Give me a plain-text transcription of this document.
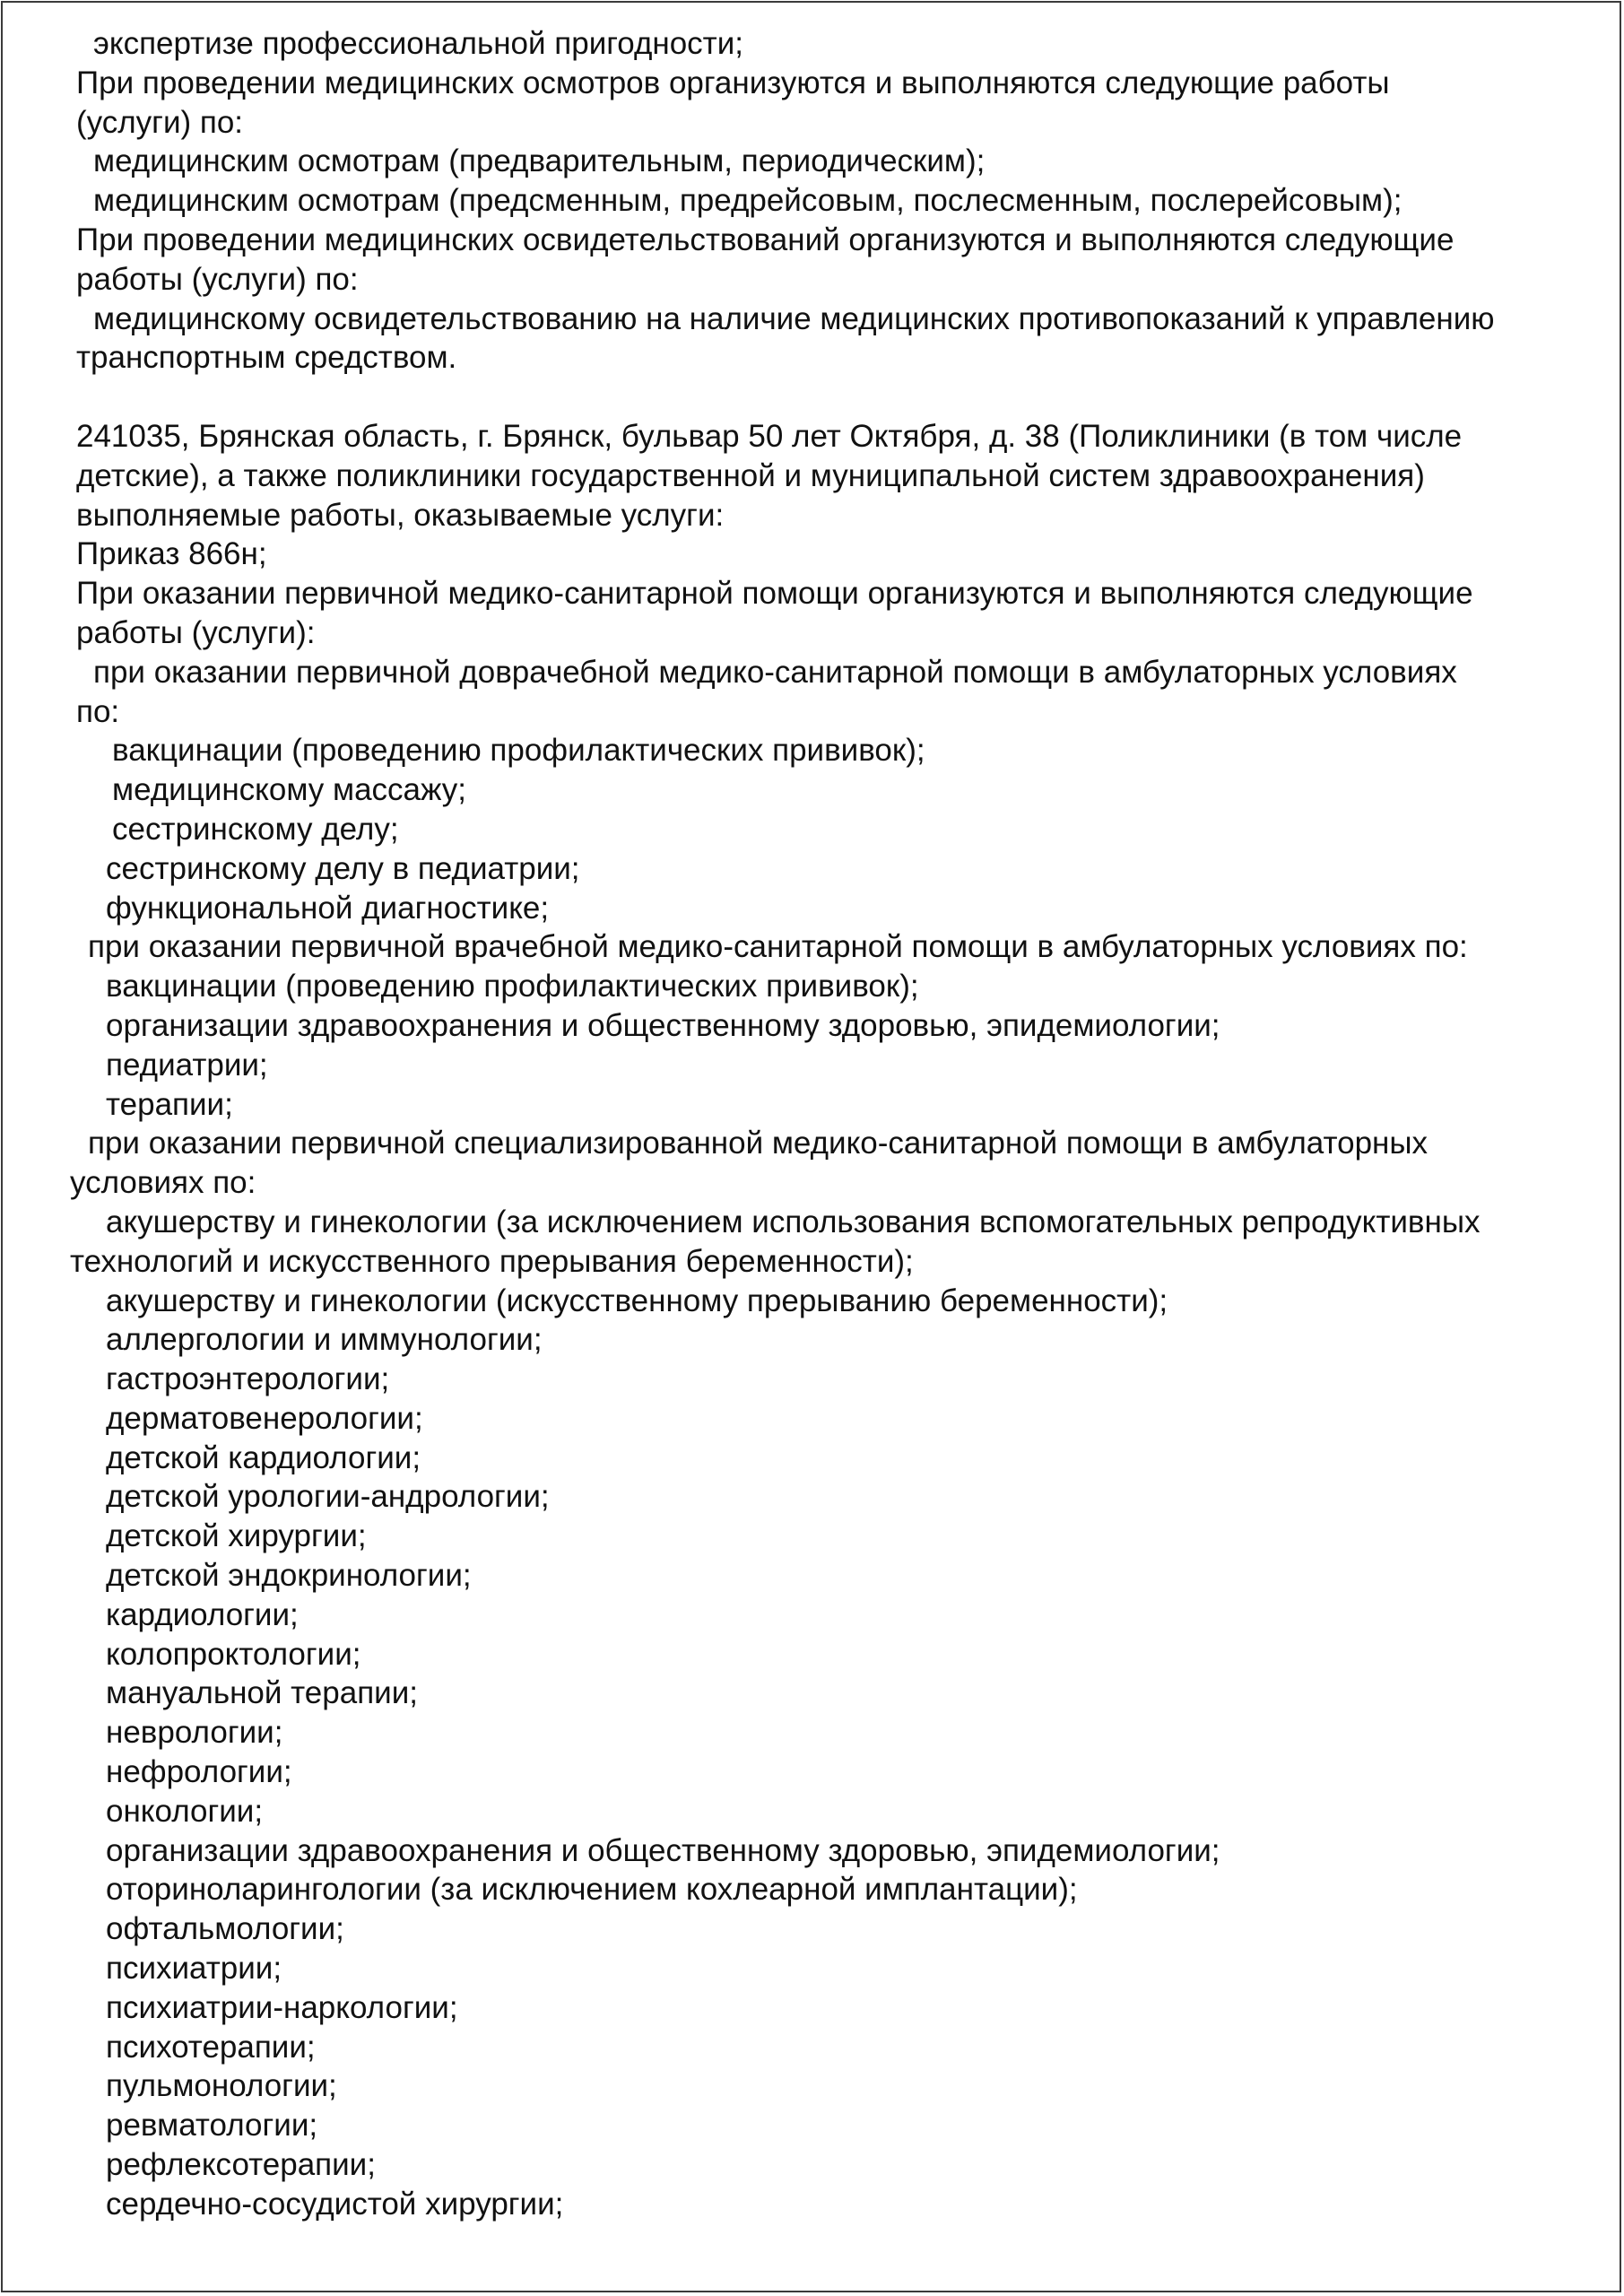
экспертизе профессиональной пригодности;
При проведении медицинских осмотров организуются и выполняются следующие работы
(услуги) по:
медицинским осмотрам (предварительным, периодическим);
медицинским осмотрам (предсменным, предрейсовым, послесменным, послерейсовым);
При проведении медицинских освидетельствований организуются и выполняются следующие
работы (услуги) по:
медицинскому освидетельствованию на наличие медицинских противопоказаний к управлению
транспортным средством.
241035, Брянская область, г. Брянск, бульвар 50 лет Октября, д. 38 (Поликлиники (в том числе
детские), а также поликлиники государственной и муниципальной систем здравоохранения)
выполняемые работы, оказываемые услуги:
Приказ 866н;
При оказании первичной медико-санитарной помощи организуются и выполняются следующие
работы (услуги):
при оказании первичной доврачебной медико-санитарной помощи в амбулаторных условиях
по:
вакцинации (проведению профилактических прививок);
медицинскому массажу;
сестринскому делу;
сестринскому делу в педиатрии;
функциональной диагностике;
при оказании первичной врачебной медико-санитарной помощи в амбулаторных условиях по:
вакцинации (проведению профилактических прививок);
организации здравоохранения и общественному здоровью, эпидемиологии;
педиатрии;
терапии;
при оказании первичной специализированной медико-санитарной помощи в амбулаторных
условиях по:
акушерству и гинекологии (за исключением использования вспомогательных репродуктивных
технологий и искусственного прерывания беременности);
акушерству и гинекологии (искусственному прерыванию беременности);
аллергологии и иммунологии;
гастроэнтерологии;
дерматовенерологии;
детской кардиологии;
детской урологии-андрологии;
детской хирургии;
детской эндокринологии;
кардиологии;
колопроктологии;
мануальной терапии;
неврологии;
нефрологии;
онкологии;
организации здравоохранения и общественному здоровью, эпидемиологии;
оториноларингологии (за исключением кохлеарной имплантации);
офтальмологии;
психиатрии;
психиатрии-наркологии;
психотерапии;
пульмонологии;
ревматологии;
рефлексотерапии;
сердечно-сосудистой хирургии;
